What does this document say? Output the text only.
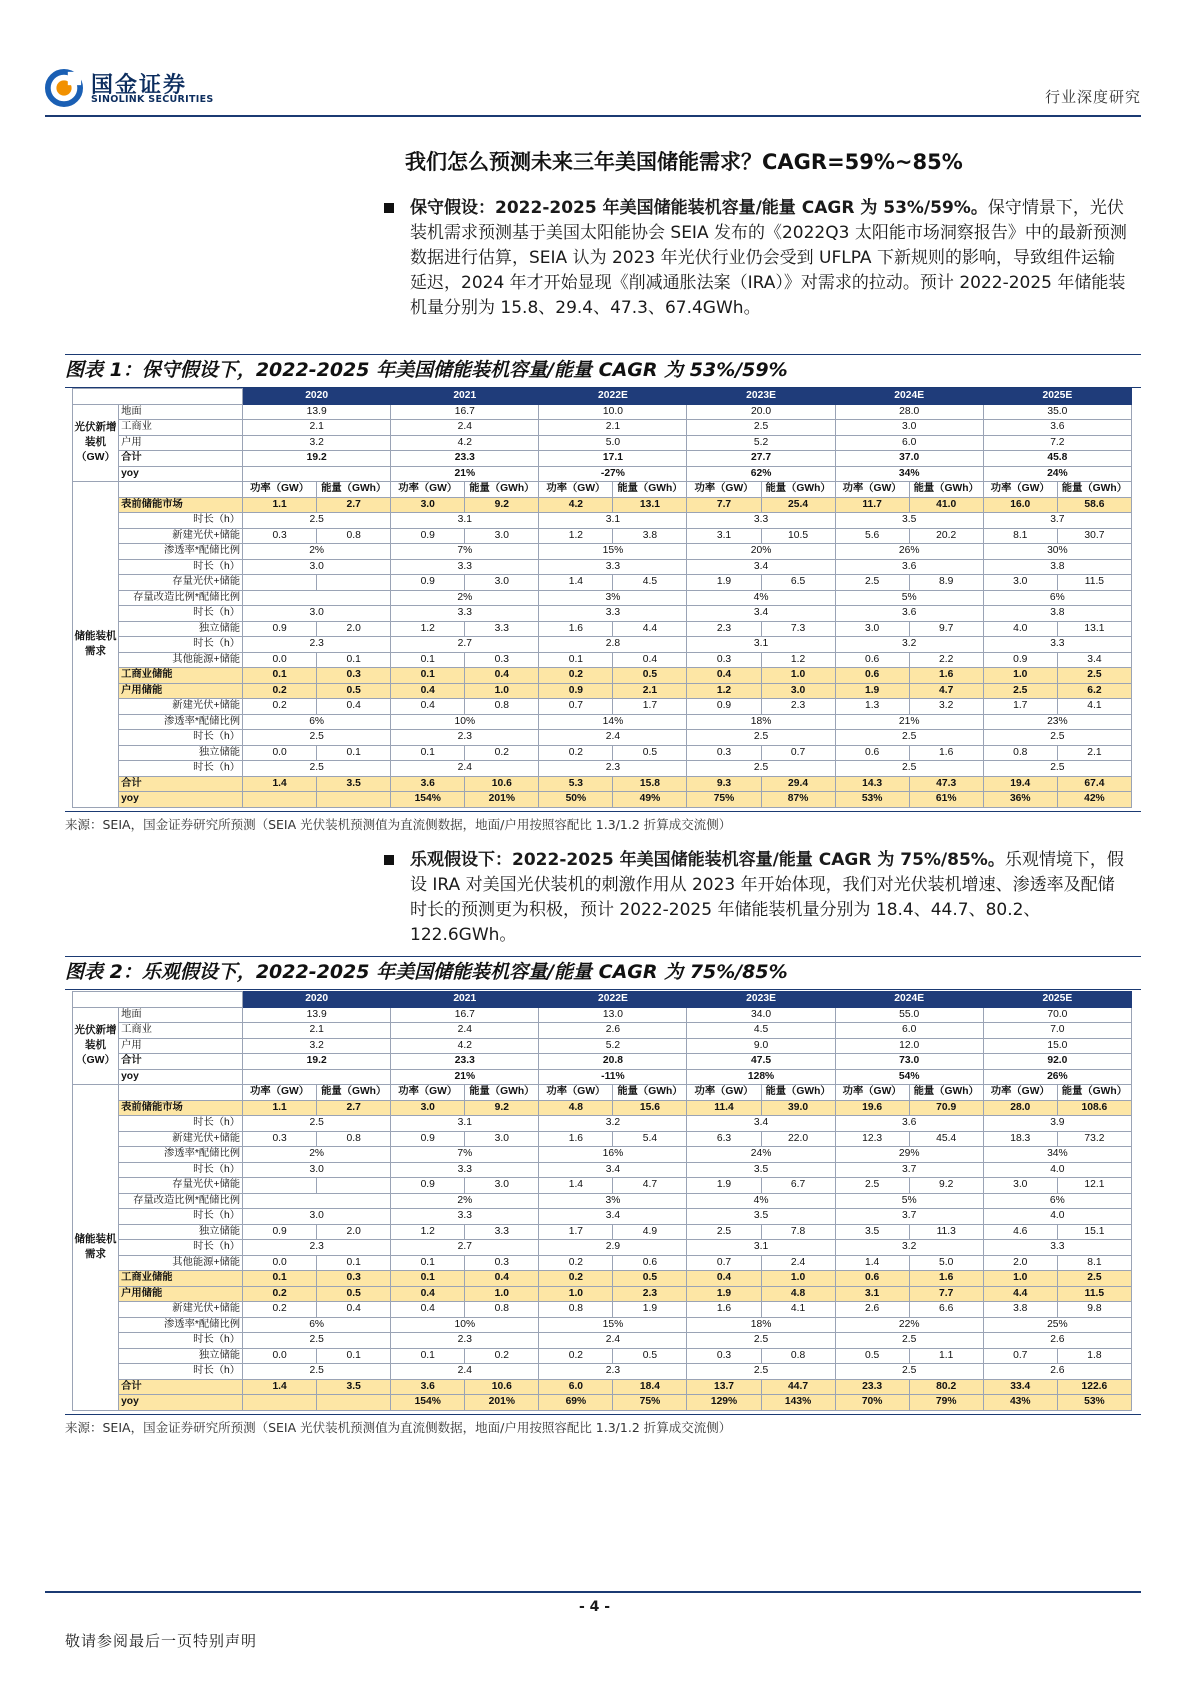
国金证券
SINOLINK SECURITIES	行业深度研究
我们怎么预测未来三年美国储能需求？CAGR=59%~85%
保守假设：2022-2025 年美国储能装机容量/能量 CAGR 为 53%/59%。保守情景下，光伏装机需求预测基于美国太阳能协会 SEIA 发布的《2022Q3 太阳能市场洞察报告》中的最新预测数据进行估算，SEIA 认为 2023 年光伏行业仍会受到 UFLPA 下新规则的影响，导致组件运输延迟，2024 年才开始显现《削减通胀法案（IRA）》对需求的拉动。预计 2022-2025 年储能装机量分别为 15.8、29.4、47.3、67.4GWh。
图表 1：保守假设下，2022-2025 年美国储能装机容量/能量 CAGR 为 53%/59%
		2020		2021		2022E		2023E		2024E		2025E	
光伏新增装机（GW）	地面	13.9		16.7		10.0		20.0		28.0		35.0	
	工商业	2.1		2.4		2.1		2.5		3.0		3.6	
	户用	3.2		4.2		5.0		5.2		6.0		7.2	
	合计	19.2		23.3		17.1		27.7		37.0		45.8	
	yoy			21%		-27%		62%		34%		24%	
储能装机需求		功率（GW）	能量（GWh）	功率（GW）	能量（GWh）	功率（GW）	能量（GWh）	功率（GW）	能量（GWh）	功率（GW）	能量（GWh）	功率（GW）	能量（GWh）
	表前储能市场	1.1	2.7	3.0	9.2	4.2	13.1	7.7	25.4	11.7	41.0	16.0	58.6
	时长（h）	2.5		3.1		3.1		3.3		3.5		3.7	
	新建光伏+储能	0.3	0.8	0.9	3.0	1.2	3.8	3.1	10.5	5.6	20.2	8.1	30.7
	渗透率*配储比例	2%		7%		15%		20%		26%		30%	
	时长（h）	3.0		3.3		3.3		3.4		3.6		3.8	
	存量光伏+储能			0.9	3.0	1.4	4.5	1.9	6.5	2.5	8.9	3.0	11.5
	存量改造比例*配储比例			2%		3%		4%		5%		6%	
	时长（h）	3.0		3.3		3.3		3.4		3.6		3.8	
	独立储能	0.9	2.0	1.2	3.3	1.6	4.4	2.3	7.3	3.0	9.7	4.0	13.1
	时长（h）	2.3		2.7		2.8		3.1		3.2		3.3	
	其他能源+储能	0.0	0.1	0.1	0.3	0.1	0.4	0.3	1.2	0.6	2.2	0.9	3.4
	工商业储能	0.1	0.3	0.1	0.4	0.2	0.5	0.4	1.0	0.6	1.6	1.0	2.5
	户用储能	0.2	0.5	0.4	1.0	0.9	2.1	1.2	3.0	1.9	4.7	2.5	6.2
	新建光伏+储能	0.2	0.4	0.4	0.8	0.7	1.7	0.9	2.3	1.3	3.2	1.7	4.1
	渗透率*配储比例	6%		10%		14%		18%		21%		23%	
	时长（h）	2.5		2.3		2.4		2.5		2.5		2.5	
	独立储能	0.0	0.1	0.1	0.2	0.2	0.5	0.3	0.7	0.6	1.6	0.8	2.1
	时长（h）	2.5		2.4		2.3		2.5		2.5		2.5	
	合计	1.4	3.5	3.6	10.6	5.3	15.8	9.3	29.4	14.3	47.3	19.4	67.4
	yoy			154%	201%	50%	49%	75%	87%	53%	61%	36%	42%
来源：SEIA，国金证券研究所预测（SEIA 光伏装机预测值为直流侧数据，地面/户用按照容配比 1.3/1.2 折算成交流侧）
乐观假设下：2022-2025 年美国储能装机容量/能量 CAGR 为 75%/85%。乐观情境下，假设 IRA 对美国光伏装机的刺激作用从 2023 年开始体现，我们对光伏装机增速、渗透率及配储时长的预测更为积极，预计 2022-2025 年储能装机量分别为 18.4、44.7、80.2、122.6GWh。
图表 2：乐观假设下，2022-2025 年美国储能装机容量/能量 CAGR 为 75%/85%
		2020		2021		2022E		2023E		2024E		2025E	
光伏新增装机（GW）	地面	13.9		16.7		13.0		34.0		55.0		70.0	
	工商业	2.1		2.4		2.6		4.5		6.0		7.0	
	户用	3.2		4.2		5.2		9.0		12.0		15.0	
	合计	19.2		23.3		20.8		47.5		73.0		92.0	
	yoy			21%		-11%		128%		54%		26%	
储能装机需求		功率（GW）	能量（GWh）	功率（GW）	能量（GWh）	功率（GW）	能量（GWh）	功率（GW）	能量（GWh）	功率（GW）	能量（GWh）	功率（GW）	能量（GWh）
	表前储能市场	1.1	2.7	3.0	9.2	4.8	15.6	11.4	39.0	19.6	70.9	28.0	108.6
	时长（h）	2.5		3.1		3.2		3.4		3.6		3.9	
	新建光伏+储能	0.3	0.8	0.9	3.0	1.6	5.4	6.3	22.0	12.3	45.4	18.3	73.2
	渗透率*配储比例	2%		7%		16%		24%		29%		34%	
	时长（h）	3.0		3.3		3.4		3.5		3.7		4.0	
	存量光伏+储能			0.9	3.0	1.4	4.7	1.9	6.7	2.5	9.2	3.0	12.1
	存量改造比例*配储比例			2%		3%		4%		5%		6%	
	时长（h）	3.0		3.3		3.4		3.5		3.7		4.0	
	独立储能	0.9	2.0	1.2	3.3	1.7	4.9	2.5	7.8	3.5	11.3	4.6	15.1
	时长（h）	2.3		2.7		2.9		3.1		3.2		3.3	
	其他能源+储能	0.0	0.1	0.1	0.3	0.2	0.6	0.7	2.4	1.4	5.0	2.0	8.1
	工商业储能	0.1	0.3	0.1	0.4	0.2	0.5	0.4	1.0	0.6	1.6	1.0	2.5
	户用储能	0.2	0.5	0.4	1.0	1.0	2.3	1.9	4.8	3.1	7.7	4.4	11.5
	新建光伏+储能	0.2	0.4	0.4	0.8	0.8	1.9	1.6	4.1	2.6	6.6	3.8	9.8
	渗透率*配储比例	6%		10%		15%		18%		22%		25%	
	时长（h）	2.5		2.3		2.4		2.5		2.5		2.6	
	独立储能	0.0	0.1	0.1	0.2	0.2	0.5	0.3	0.8	0.5	1.1	0.7	1.8
	时长（h）	2.5		2.4		2.3		2.5		2.5		2.6	
	合计	1.4	3.5	3.6	10.6	6.0	18.4	13.7	44.7	23.3	80.2	33.4	122.6
	yoy			154%	201%	69%	75%	129%	143%	70%	79%	43%	53%
来源：SEIA，国金证券研究所预测（SEIA 光伏装机预测值为直流侧数据，地面/户用按照容配比 1.3/1.2 折算成交流侧）
- 4 -
敬请参阅最后一页特别声明
